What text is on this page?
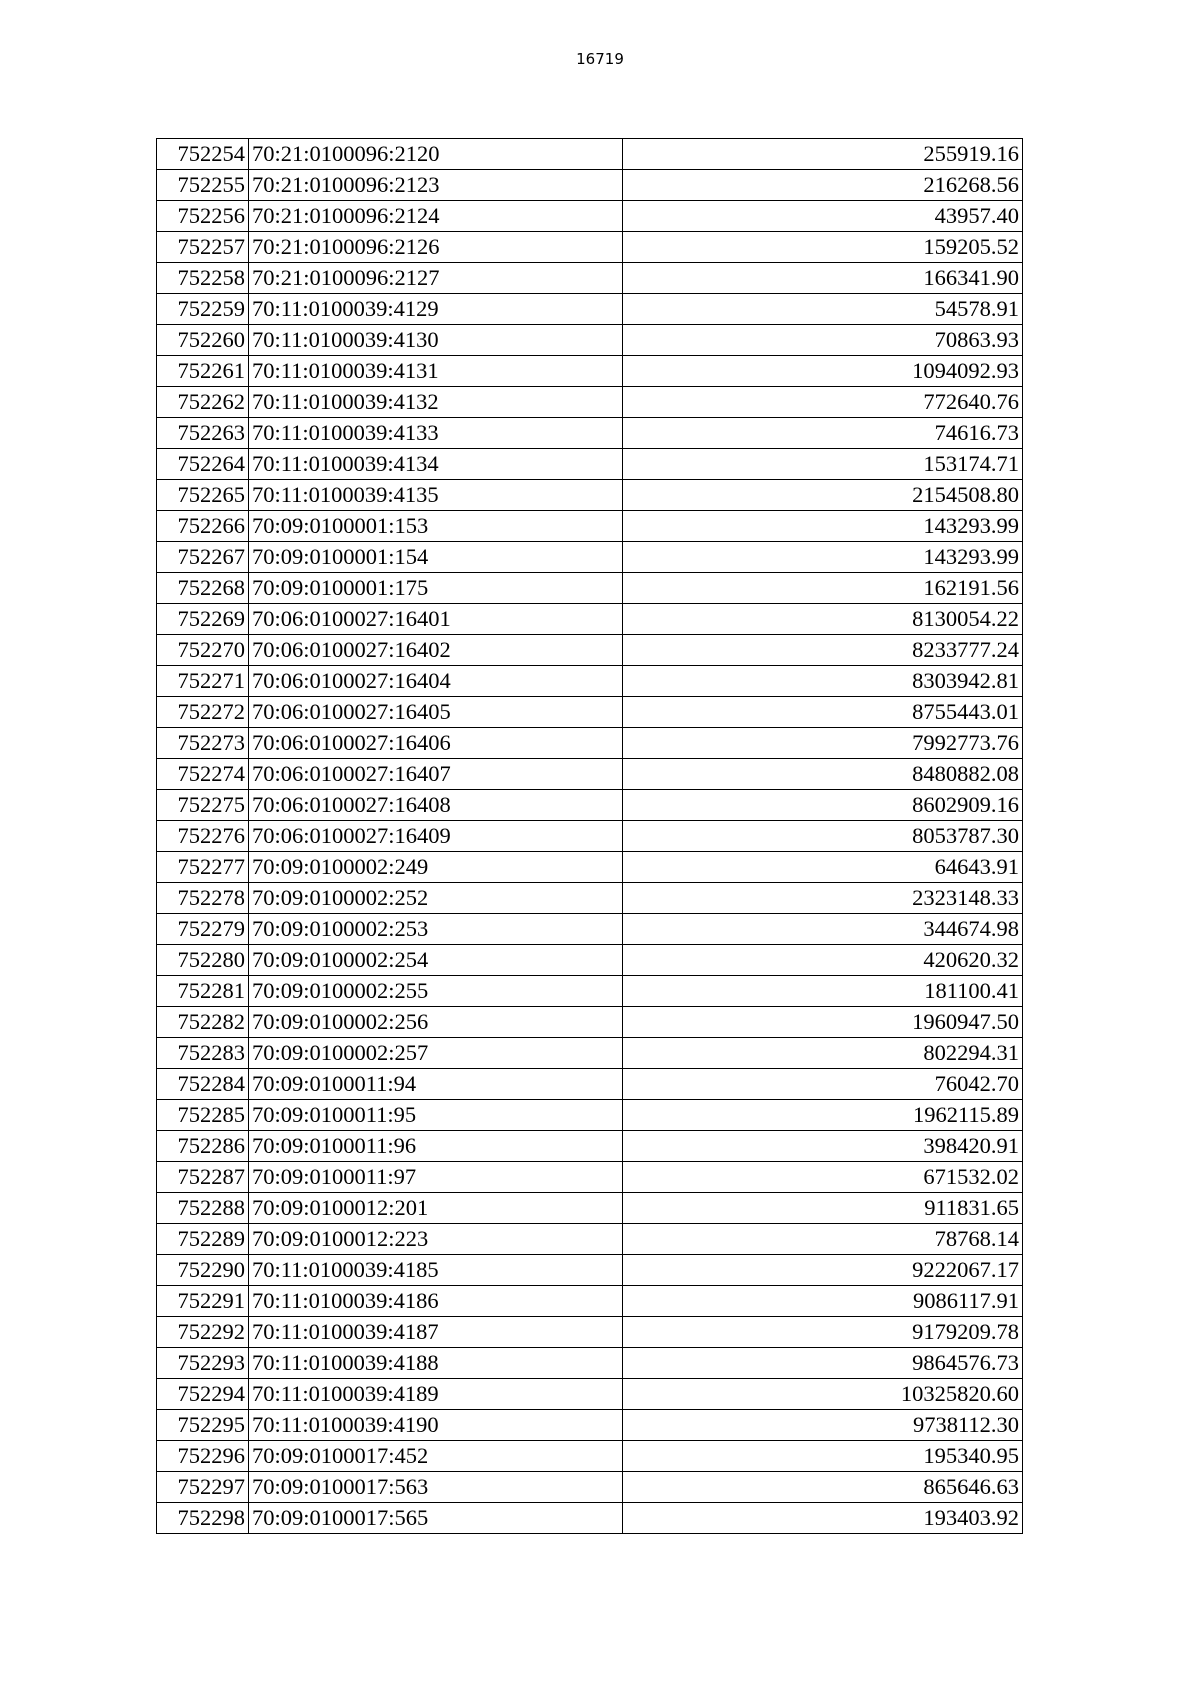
16719
752254	70:21:0100096:2120	255919.16
752255	70:21:0100096:2123	216268.56
752256	70:21:0100096:2124	43957.40
752257	70:21:0100096:2126	159205.52
752258	70:21:0100096:2127	166341.90
752259	70:11:0100039:4129	54578.91
752260	70:11:0100039:4130	70863.93
752261	70:11:0100039:4131	1094092.93
752262	70:11:0100039:4132	772640.76
752263	70:11:0100039:4133	74616.73
752264	70:11:0100039:4134	153174.71
752265	70:11:0100039:4135	2154508.80
752266	70:09:0100001:153	143293.99
752267	70:09:0100001:154	143293.99
752268	70:09:0100001:175	162191.56
752269	70:06:0100027:16401	8130054.22
752270	70:06:0100027:16402	8233777.24
752271	70:06:0100027:16404	8303942.81
752272	70:06:0100027:16405	8755443.01
752273	70:06:0100027:16406	7992773.76
752274	70:06:0100027:16407	8480882.08
752275	70:06:0100027:16408	8602909.16
752276	70:06:0100027:16409	8053787.30
752277	70:09:0100002:249	64643.91
752278	70:09:0100002:252	2323148.33
752279	70:09:0100002:253	344674.98
752280	70:09:0100002:254	420620.32
752281	70:09:0100002:255	181100.41
752282	70:09:0100002:256	1960947.50
752283	70:09:0100002:257	802294.31
752284	70:09:0100011:94	76042.70
752285	70:09:0100011:95	1962115.89
752286	70:09:0100011:96	398420.91
752287	70:09:0100011:97	671532.02
752288	70:09:0100012:201	911831.65
752289	70:09:0100012:223	78768.14
752290	70:11:0100039:4185	9222067.17
752291	70:11:0100039:4186	9086117.91
752292	70:11:0100039:4187	9179209.78
752293	70:11:0100039:4188	9864576.73
752294	70:11:0100039:4189	10325820.60
752295	70:11:0100039:4190	9738112.30
752296	70:09:0100017:452	195340.95
752297	70:09:0100017:563	865646.63
752298	70:09:0100017:565	193403.92
